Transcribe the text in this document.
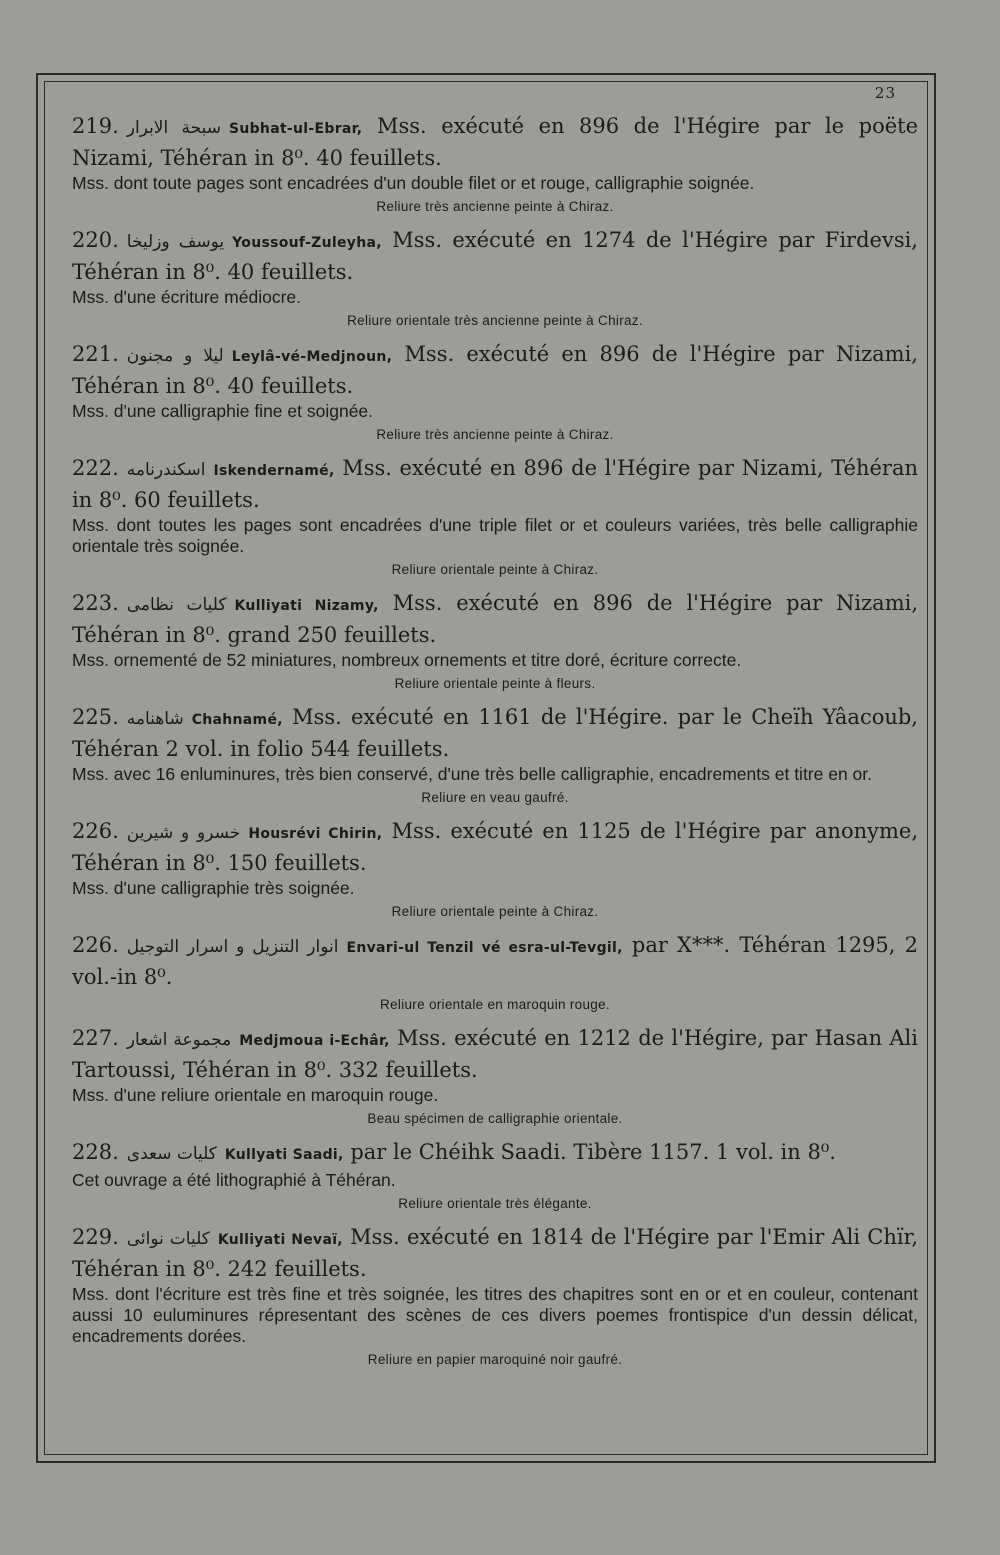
23

219. سبحة الابرار Subhat-ul-Ebrar, Mss. exécuté en 896 de l'Hégire par le poëte Nizami, Téhéran in 8⁰. 40 feuillets.

Mss. dont toute pages sont encadrées d'un double filet or et rouge, calligraphie soignée.

Reliure très ancienne peinte à Chiraz.

220. يوسف وزليخا Youssouf-Zuleyha, Mss. exécuté en 1274 de l'Hégire par Firdevsi, Téhéran in 8⁰. 40 feuillets.

Mss. d'une écriture médiocre.

Reliure orientale très ancienne peinte à Chiraz.

221. ليلا و مجنون Leylâ-vé-Medjnoun, Mss. exécuté en 896 de l'Hégire par Nizami, Téhéran in 8⁰. 40 feuillets.

Mss. d'une calligraphie fine et soignée.

Reliure très ancienne peinte à Chiraz.

222. اسكندرنامه Iskendernamé, Mss. exécuté en 896 de l'Hégire par Nizami, Téhéran in 8⁰. 60 feuillets.

Mss. dont toutes les pages sont encadrées d'une triple filet or et couleurs variées, très belle calligraphie orientale très soignée.

Reliure orientale peinte à Chiraz.

223. كليات نظامى Kulliyati Nizamy, Mss. exécuté en 896 de l'Hégire par Nizami, Téhéran in 8⁰. grand 250 feuillets.

Mss. ornementé de 52 miniatures, nombreux ornements et titre doré, écriture correcte.

Reliure orientale peinte à fleurs.

225. شاهنامه Chahnamé, Mss. exécuté en 1161 de l'Hégire. par le Cheïh Yâacoub, Téhéran 2 vol. in folio 544 feuillets.

Mss. avec 16 enluminures, très bien conservé, d'une très belle calligraphie, encadrements et titre en or.

Reliure en veau gaufré.

226. خسرو و شيرين Housrévi Chirin, Mss. exécuté en 1125 de l'Hégire par anonyme, Téhéran in 8⁰. 150 feuillets.

Mss. d'une calligraphie très soignée.

Reliure orientale peinte à Chiraz.

226. انوار التنزيل و اسرار التوجيل Envari-ul Tenzil vé esra-ul-Tevgil, par X***. Téhéran 1295, 2 vol.-in 8⁰.

Reliure orientale en maroquin rouge.

227. مجموعة اشعار Medjmoua i-Echâr, Mss. exécuté en 1212 de l'Hégire, par Hasan Ali Tartoussi, Téhéran in 8⁰. 332 feuillets.

Mss. d'une reliure orientale en maroquin rouge.

Beau spécimen de calligraphie orientale.

228. كليات سعدى Kullyati Saadi, par le Chéihk Saadi. Tibère 1157. 1 vol. in 8⁰.

Cet ouvrage a été lithographié à Téhéran.

Reliure orientale très élégante.

229. كليات نوائى Kulliyati Nevaï, Mss. exécuté en 1814 de l'Hégire par l'Emir Ali Chïr, Téhéran in 8⁰. 242 feuillets.

Mss. dont l'écriture est très fine et très soignée, les titres des chapitres sont en or et en couleur, contenant aussi 10 euluminures répresentant des scènes de ces divers poemes frontispice d'un dessin délicat, encadrements dorées.

Reliure en papier maroquiné noir gaufré.
